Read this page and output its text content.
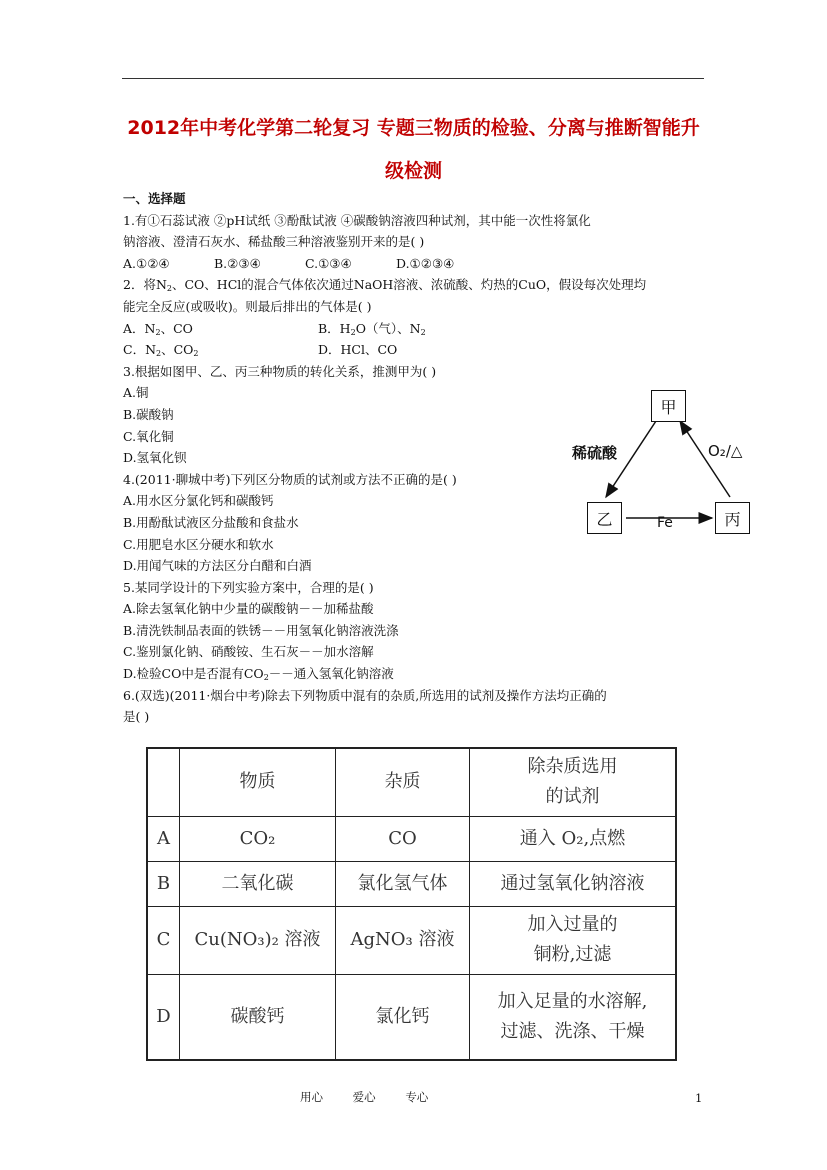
2012年中考化学第二轮复习 专题三物质的检验、分离与推断智能升
级检测
一、选择题
1.有①石蕊试液 ②pH试纸 ③酚酞试液 ④碳酸钠溶液四种试剂，其中能一次性将氯化
钠溶液、澄清石灰水、稀盐酸三种溶液鉴别开来的是( )
A.①②④	B.②③④	C.①③④	D.①②③④
2．将$N_2$、CO、HCl的混合气体依次通过NaOH溶液、浓硫酸、灼热的CuO，假设每次处理均
能完全反应(或吸收)。则最后排出的气体是( )
A．$N_2$、CO	B．$H_2O$（气）、$N_2$
C．$N_2$、$CO_2$	D．HCl、CO
3.根据如图甲、乙、丙三种物质的转化关系，推测甲为( )
A.铜
B.碳酸钠
C.氧化铜
D.氢氧化钡
4.(2011·聊城中考)下列区分物质的试剂或方法不正确的是( )
A.用水区分氯化钙和碳酸钙
B.用酚酞试液区分盐酸和食盐水
C.用肥皂水区分硬水和软水
D.用闻气味的方法区分白醋和白酒
5.某同学设计的下列实验方案中，合理的是( )
A.除去氢氧化钠中少量的碳酸钠－－加稀盐酸
B.清洗铁制品表面的铁锈－－用氢氧化钠溶液洗涤
C.鉴别氯化钠、硝酸铵、生石灰－－加水溶解
D.检验CO中是否混有$CO_2--$通入氢氧化钠溶液
6.(双选)(2011·烟台中考)除去下列物质中混有的杂质,所选用的试剂及操作方法均正确的
是( )
甲
乙	丙
稀硫酸	O₂/△
Fe
	物质	杂质	除杂质选用
的试剂

A	CO₂	CO	通入 O₂,点燃
B	二氧化碳	氯化氢气体	通过氢氧化钠溶液
C	Cu(NO₃)₂ 溶液	AgNO₃ 溶液	加入过量的
铜粉,过滤

D	碳酸钙	氯化钙	加入足量的水溶解,
过滤、洗涤、干燥
用心	爱心	专心	1
